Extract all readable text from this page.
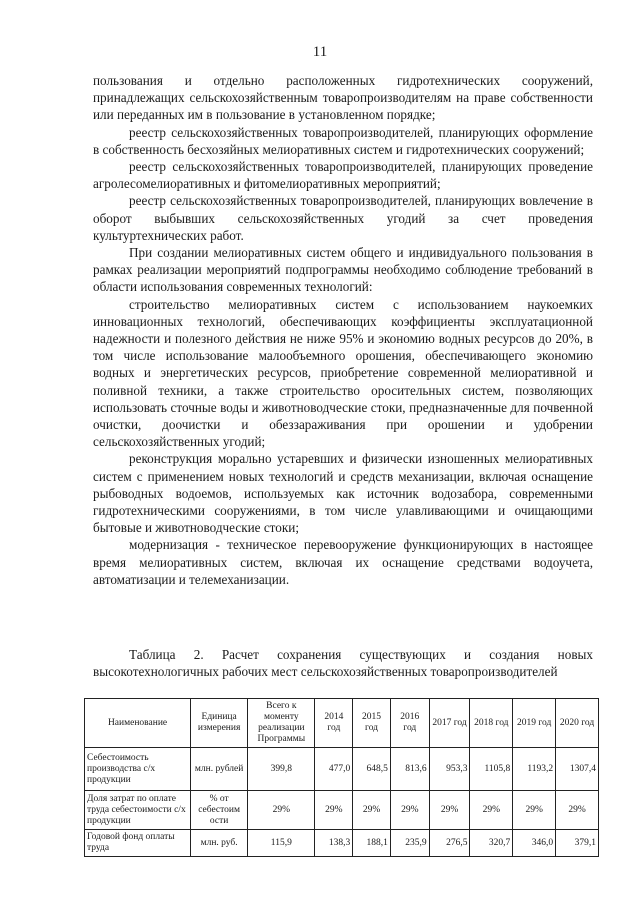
11

пользования и отдельно расположенных гидротехнических сооружений, принадлежащих сельскохозяйственным товаропроизводителям на праве собственности или переданных им в пользование в установленном порядке;

реестр сельскохозяйственных товаропроизводителей, планирующих оформление в собственность бесхозяйных мелиоративных систем и гидротехнических сооружений;

реестр сельскохозяйственных товаропроизводителей, планирующих проведение агролесомелиоративных и фитомелиоративных мероприятий;

реестр сельскохозяйственных товаропроизводителей, планирующих вовлечение в оборот выбывших сельскохозяйственных угодий за счет проведения культуртехнических работ.

При создании мелиоративных систем общего и индивидуального пользования в рамках реализации мероприятий подпрограммы необходимо соблюдение требований в области использования современных технологий:

строительство мелиоративных систем с использованием наукоемких инновационных технологий, обеспечивающих коэффициенты эксплуатационной надежности и полезного действия не ниже 95% и экономию водных ресурсов до 20%, в том числе использование малообъемного орошения, обеспечивающего экономию водных и энергетических ресурсов, приобретение современной мелиоративной и поливной техники, а также строительство оросительных систем, позволяющих использовать сточные воды и животноводческие стоки, предназначенные для почвенной очистки, доочистки и обеззараживания при орошении и удобрении сельскохозяйственных угодий;

реконструкция морально устаревших и физически изношенных мелиоративных систем с применением новых технологий и средств механизации, включая оснащение рыбоводных водоемов, используемых как источник водозабора, современными гидротехническими сооружениями, в том числе улавливающими и очищающими бытовые и животноводческие стоки;

модернизация - техническое перевооружение функционирующих в настоящее время мелиоративных систем, включая их оснащение средствами водоучета, автоматизации и телемеханизации.

Таблица 2. Расчет сохранения существующих и создания новых высокотехнологичных рабочих мест сельскохозяйственных товаропроизводителей
Наименование	Единица измерения	Всего к моменту реализации Программы	2014 год	2015 год	2016 год	2017 год	2018 год	2019 год	2020 год
Себестоимость производства с/х продукции	млн. рублей	399,8	477,0	648,5	813,6	953,3	1105,8	1193,2	1307,4
Доля затрат по оплате труда себестоимости с/х продукции	% от себестоим ости	29%	29%	29%	29%	29%	29%	29%	29%
Годовой фонд оплаты труда	млн. руб.	115,9	138,3	188,1	235,9	276,5	320,7	346,0	379,1
